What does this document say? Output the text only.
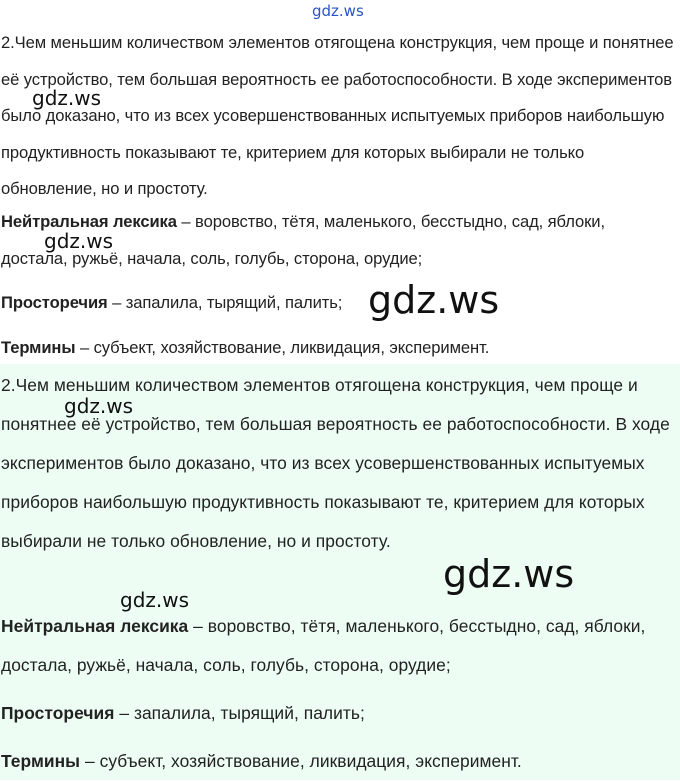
2.Чем меньшим количеством элементов отягощена конструкция, чем проще и понятнее её устройство, тем большая вероятность ее работоспособности. В ходе экспериментов было доказано, что из всех усовершенствованных испытуемых приборов наибольшую продуктивность показывают те, критерием для которых выбирали не только обновление, но и простоту.

Нейтральная лексика – воровство, тётя, маленького, бесстыдно, сад, яблоки, достала, ружьё, начала, соль, голубь, сторона, орудие;

Просторечия – запалила, тырящий, палить;

Термины – субъект, хозяйствование, ликвидация, эксперимент.

2.Чем меньшим количеством элементов отягощена конструкция, чем проще и понятнее её устройство, тем большая вероятность ее работоспособности. В ходе экспериментов было доказано, что из всех усовершенствованных испытуемых приборов наибольшую продуктивность показывают те, критерием для которых выбирали не только обновление, но и простоту.

Нейтральная лексика – воровство, тётя, маленького, бесстыдно, сад, яблоки, достала, ружьё, начала, соль, голубь, сторона, орудие;

Просторечия – запалила, тырящий, палить;

Термины – субъект, хозяйствование, ликвидация, эксперимент.

gdz.ws
gdz.ws
gdz.ws
gdz.ws
gdz.ws
gdz.ws
gdz.ws
